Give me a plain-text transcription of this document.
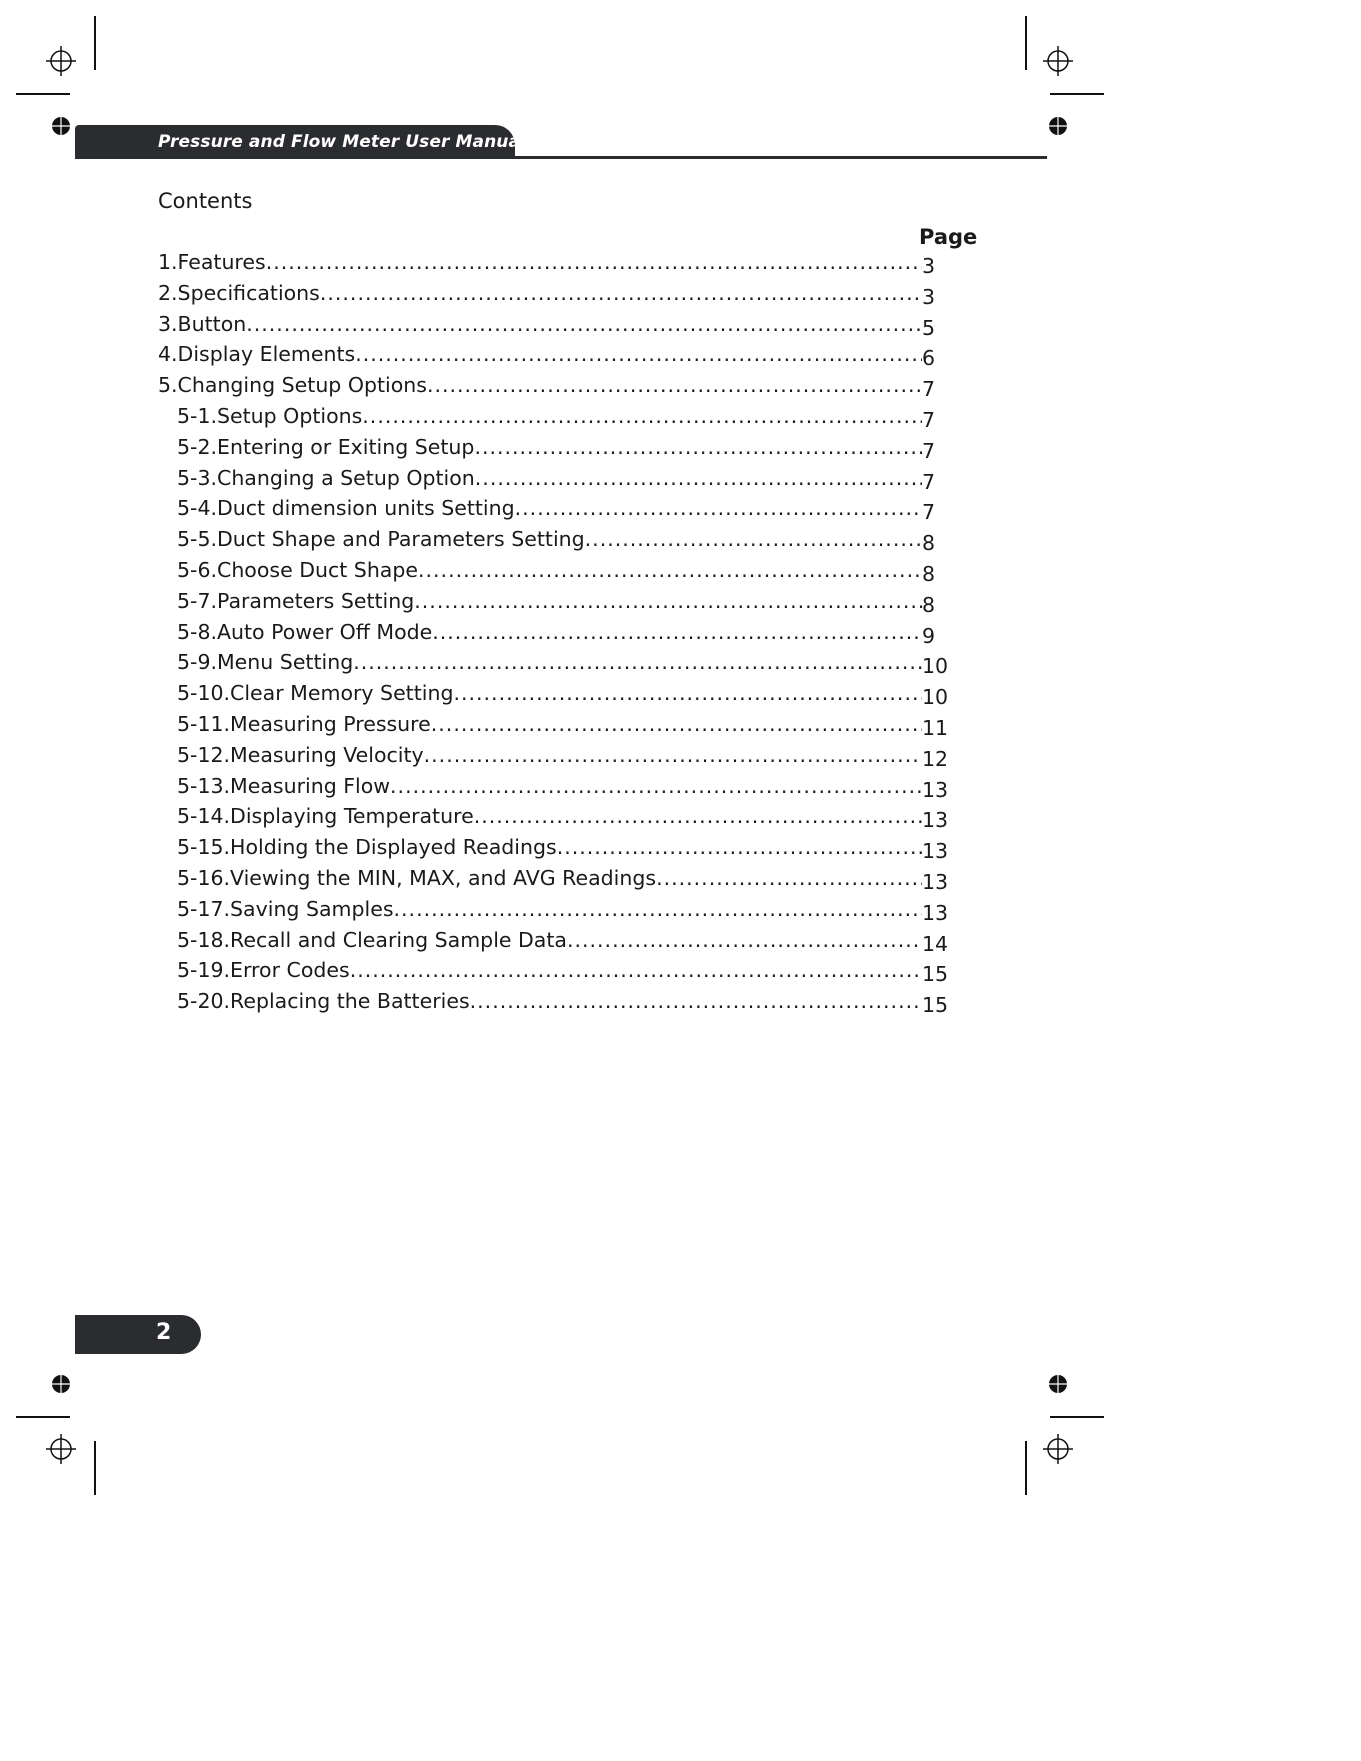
Pressure and Flow Meter User Manual
Contents
Page
1.Features .....	3
2.Specifications .....	3
3.Button .....	5
4.Display Elements .....	6
5.Changing Setup Options .....	7
5-1.Setup Options .....	7
5-2.Entering or Exiting Setup .....	7
5-3.Changing a Setup Option .....	7
5-4.Duct dimension units Setting .....	7
5-5.Duct Shape and Parameters Setting .....	8
5-6.Choose Duct Shape .....	8
5-7.Parameters Setting .....	8
5-8.Auto Power Off Mode .....	9
5-9.Menu Setting .....	10
5-10.Clear Memory Setting .....	10
5-11.Measuring Pressure .....	11
5-12.Measuring Velocity .....	12
5-13.Measuring Flow .....	13
5-14.Displaying Temperature .....	13
5-15.Holding the Displayed Readings .....	13
5-16.Viewing the MIN, MAX, and AVG Readings .....	13
5-17.Saving Samples .....	13
5-18.Recall and Clearing Sample Data .....	14
5-19.Error Codes .....	15
5-20.Replacing the Batteries .....	15
2
